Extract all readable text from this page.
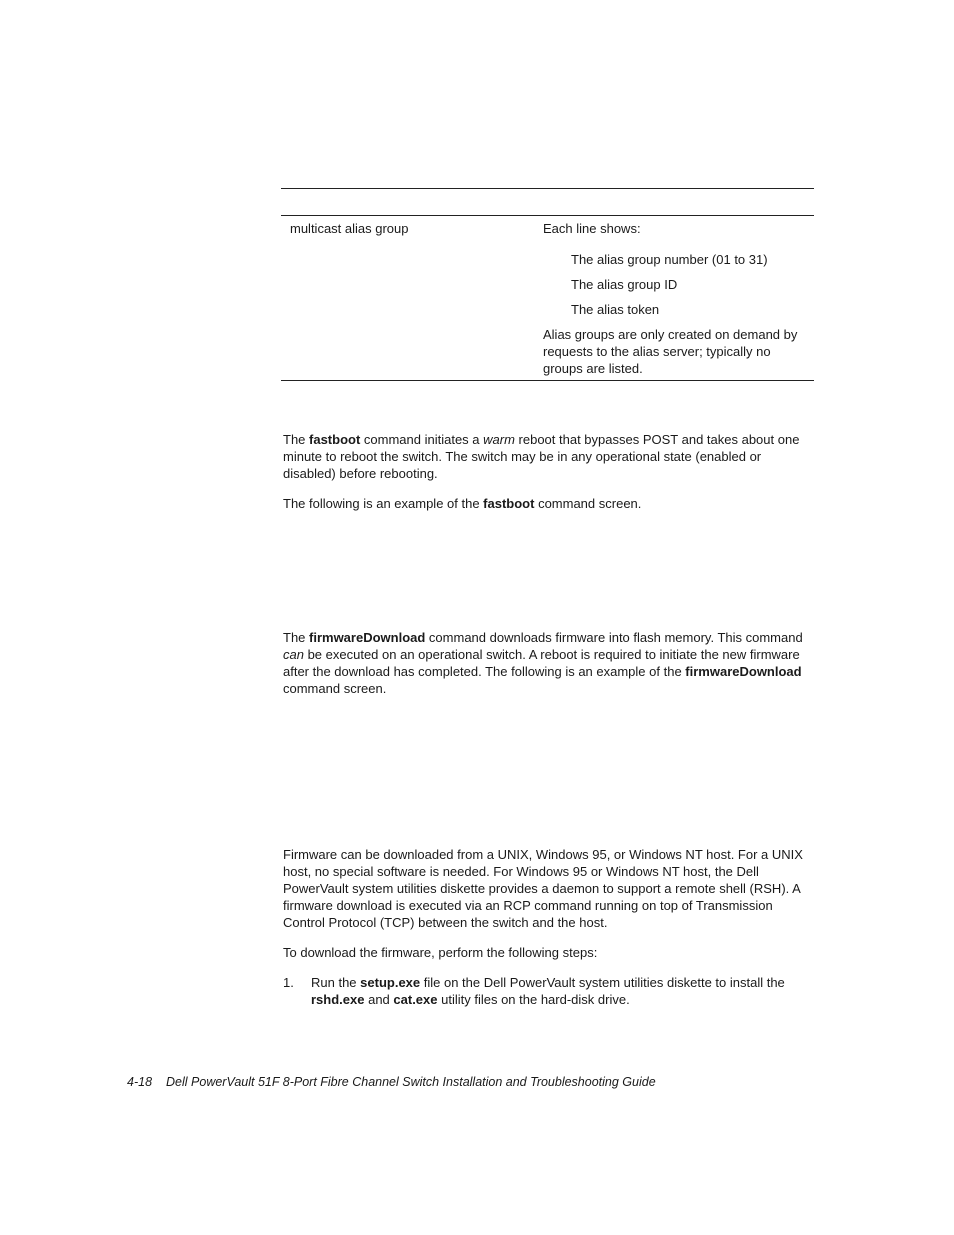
multicast alias group	Each line shows:
The alias group number (01 to 31)
The alias group ID
The alias token
Alias groups are only created on demand by requests to the alias server; typically no groups are listed.
The fastboot command initiates a warm reboot that bypasses POST and takes about one minute to reboot the switch. The switch may be in any operational state (enabled or disabled) before rebooting.
The following is an example of the fastboot command screen.
The firmwareDownload command downloads firmware into flash memory. This command can be executed on an operational switch. A reboot is required to initiate the new firmware after the download has completed. The following is an example of the firmwareDownload command screen.
Firmware can be downloaded from a UNIX, Windows 95, or Windows NT host. For a UNIX host, no special software is needed. For Windows 95 or Windows NT host, the Dell PowerVault system utilities diskette provides a daemon to support a remote shell (RSH). A firmware download is executed via an RCP command running on top of Transmission Control Protocol (TCP) between the switch and the host.
To download the firmware, perform the following steps:
1. Run the setup.exe file on the Dell PowerVault system utilities diskette to install the rshd.exe and cat.exe utility files on the hard-disk drive.
4-18 Dell PowerVault 51F 8-Port Fibre Channel Switch Installation and Troubleshooting Guide
